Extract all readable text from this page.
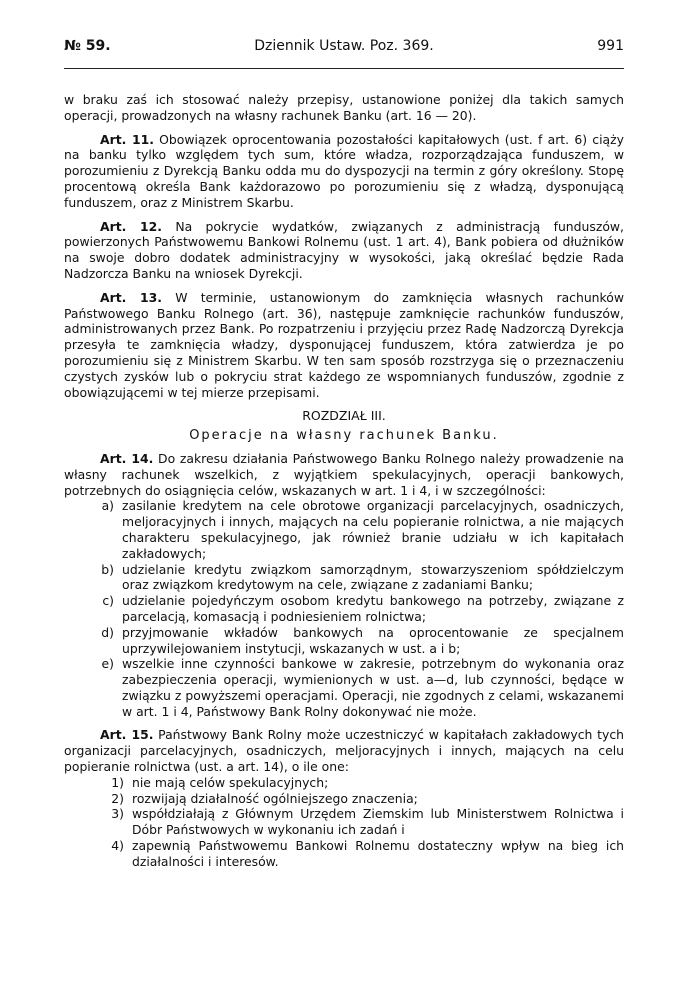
№ 59.	Dziennik Ustaw. Poz. 369.	991

w braku zaś ich stosować należy przepisy, ustanowione poniżej dla takich samych operacji, prowadzonych na własny rachunek Banku (art. 16 — 20).

Art. 11. Obowiązek oprocentowania pozostałości kapitałowych (ust. f art. 6) ciąży na banku tylko względem tych sum, które władza, rozporządzająca funduszem, w porozumieniu z Dyrekcją Banku odda mu do dyspozycji na termin z góry określony. Stopę procentową określa Bank każdorazowo po porozumieniu się z władzą, dysponującą funduszem, oraz z Ministrem Skarbu.

Art. 12. Na pokrycie wydatków, związanych z administracją funduszów, powierzonych Państwowemu Bankowi Rolnemu (ust. 1 art. 4), Bank pobiera od dłużników na swoje dobro dodatek administracyjny w wysokości, jaką określać będzie Rada Nadzorcza Banku na wniosek Dyrekcji.

Art. 13. W terminie, ustanowionym do zamknięcia własnych rachunków Państwowego Banku Rolnego (art. 36), następuje zamknięcie rachunków funduszów, administrowanych przez Bank. Po rozpatrzeniu i przyjęciu przez Radę Nadzorczą Dyrekcja przesyła te zamknięcia władzy, dysponującej funduszem, która zatwierdza je po porozumieniu się z Ministrem Skarbu. W ten sam sposób rozstrzyga się o przeznaczeniu czystych zysków lub o pokryciu strat każdego ze wspomnianych funduszów, zgodnie z obowiązującemi w tej mierze przepisami.

ROZDZIAŁ III.
Operacje na własny rachunek Banku.

Art. 14. Do zakresu działania Państwowego Banku Rolnego należy prowadzenie na własny rachunek wszelkich, z wyjątkiem spekulacyjnych, operacji bankowych, potrzebnych do osiągnięcia celów, wskazanych w art. 1 i 4, i w szczególności:

a) zasilanie kredytem na cele obrotowe organizacji parcelacyjnych, osadniczych, meljoracyjnych i innych, mających na celu popieranie rolnictwa, a nie mających charakteru spekulacyjnego, jak również branie udziału w ich kapitałach zakładowych;
b) udzielanie kredytu związkom samorządnym, stowarzyszeniom spółdzielczym oraz związkom kredytowym na cele, związane z zadaniami Banku;
c) udzielanie pojedyńczym osobom kredytu bankowego na potrzeby, związane z parcelacją, komasacją i podniesieniem rolnictwa;
d) przyjmowanie wkładów bankowych na oprocentowanie ze specjalnem uprzywilejowaniem instytucji, wskazanych w ust. a i b;
e) wszelkie inne czynności bankowe w zakresie, potrzebnym do wykonania oraz zabezpieczenia operacji, wymienionych w ust. a—d, lub czynności, będące w związku z powyższemi operacjami. Operacji, nie zgodnych z celami, wskazanemi w art. 1 i 4, Państwowy Bank Rolny dokonywać nie może.

Art. 15. Państwowy Bank Rolny może uczestniczyć w kapitałach zakładowych tych organizacji parcelacyjnych, osadniczych, meljoracyjnych i innych, mających na celu popieranie rolnictwa (ust. a art. 14), o ile one:

1) nie mają celów spekulacyjnych;
2) rozwijają działalność ogólniejszego znaczenia;
3) współdziałają z Głównym Urzędem Ziemskim lub Ministerstwem Rolnictwa i Dóbr Państwowych w wykonaniu ich zadań i
4) zapewnią Państwowemu Bankowi Rolnemu dostateczny wpływ na bieg ich działalności i interesów.
